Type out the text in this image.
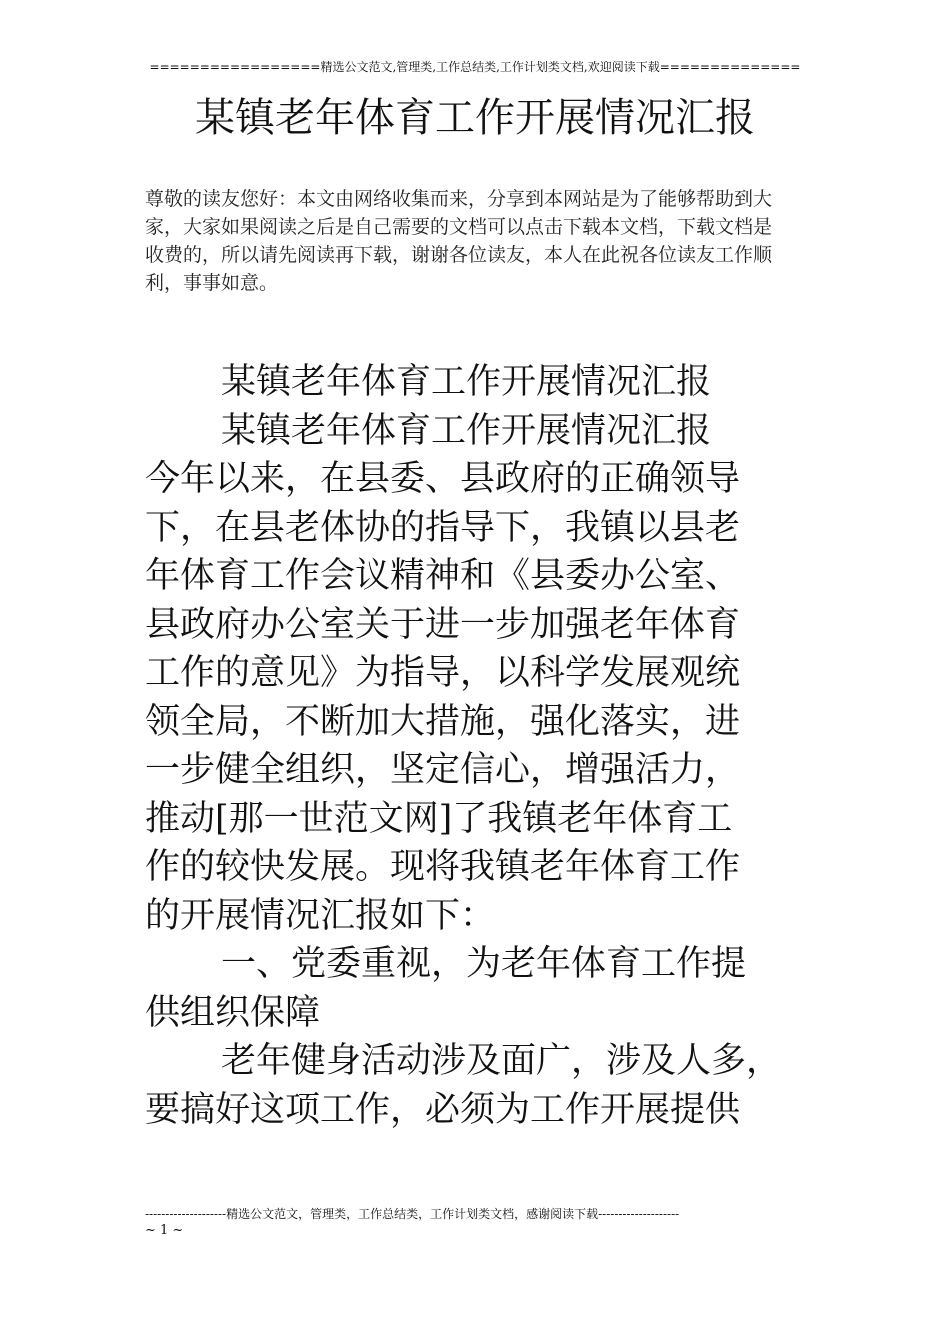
=================精选公文范文,管理类,工作总结类,工作计划类文档,欢迎阅读下载==============
某镇老年体育工作开展情况汇报
尊敬的读友您好：本文由网络收集而来，分享到本网站是为了能够帮助到大
家，大家如果阅读之后是自己需要的文档可以点击下载本文档，下载文档是
收费的，所以请先阅读再下载，谢谢各位读友，本人在此祝各位读友工作顺
利，事事如意。
某镇老年体育工作开展情况汇报
某镇老年体育工作开展情况汇报
今年以来，在县委、县政府的正确领导
下，在县老体协的指导下，我镇以县老
年体育工作会议精神和《县委办公室、
县政府办公室关于进一步加强老年体育
工作的意见》为指导，以科学发展观统
领全局，不断加大措施，强化落实，进
一步健全组织，坚定信心，增强活力，
推动[那一世范文网]了我镇老年体育工
作的较快发展。现将我镇老年体育工作
的开展情况汇报如下：
一、党委重视，为老年体育工作提
供组织保障
老年健身活动涉及面广，涉及人多，
要搞好这项工作，必须为工作开展提供
--------------------精选公文范文，管理类，工作总结类，工作计划类文档，感谢阅读下载--------------------
~ 1 ~
